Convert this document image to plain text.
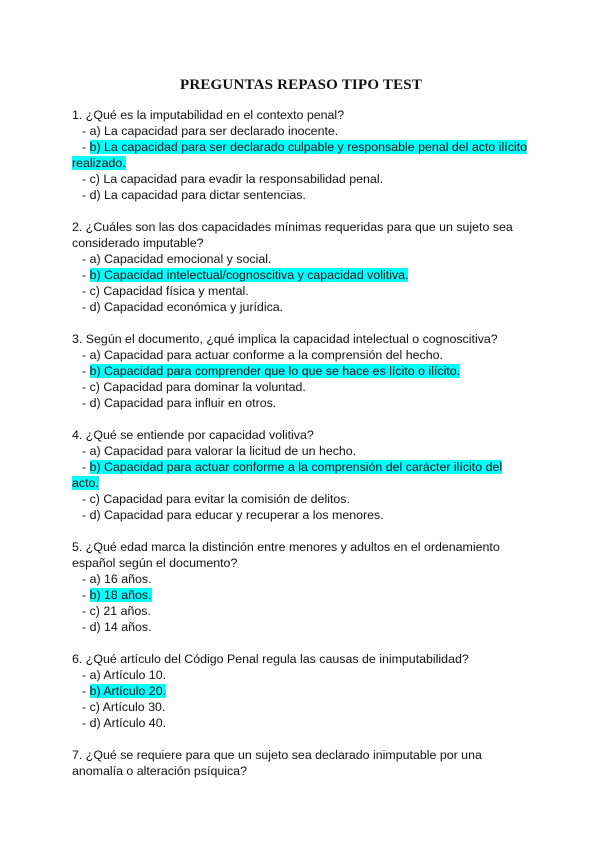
PREGUNTAS REPASO TIPO TEST
1. ¿Qué es la imputabilidad en el contexto penal?
- a) La capacidad para ser declarado inocente.
- b) La capacidad para ser declarado culpable y responsable penal del acto ilícito realizado.
- c) La capacidad para evadir la responsabilidad penal.
- d) La capacidad para dictar sentencias.
2. ¿Cuáles son las dos capacidades mínimas requeridas para que un sujeto sea considerado imputable?
- a) Capacidad emocional y social.
- b) Capacidad intelectual/cognoscitiva y capacidad volitiva.
- c) Capacidad física y mental.
- d) Capacidad económica y jurídica.
3. Según el documento, ¿qué implica la capacidad intelectual o cognoscitiva?
- a) Capacidad para actuar conforme a la comprensión del hecho.
- b) Capacidad para comprender que lo que se hace es lícito o ilícito.
- c) Capacidad para dominar la voluntad.
- d) Capacidad para influir en otros.
4. ¿Qué se entiende por capacidad volitiva?
- a) Capacidad para valorar la licitud de un hecho.
- b) Capacidad para actuar conforme a la comprensión del carácter ilícito del acto.
- c) Capacidad para evitar la comisión de delitos.
- d) Capacidad para educar y recuperar a los menores.
5. ¿Qué edad marca la distinción entre menores y adultos en el ordenamiento español según el documento?
- a) 16 años.
- b) 18 años.
- c) 21 años.
- d) 14 años.
6. ¿Qué artículo del Código Penal regula las causas de inimputabilidad?
- a) Artículo 10.
- b) Artículo 20.
- c) Artículo 30.
- d) Artículo 40.
7. ¿Qué se requiere para que un sujeto sea declarado inimputable por una anomalía o alteración psíquica?
